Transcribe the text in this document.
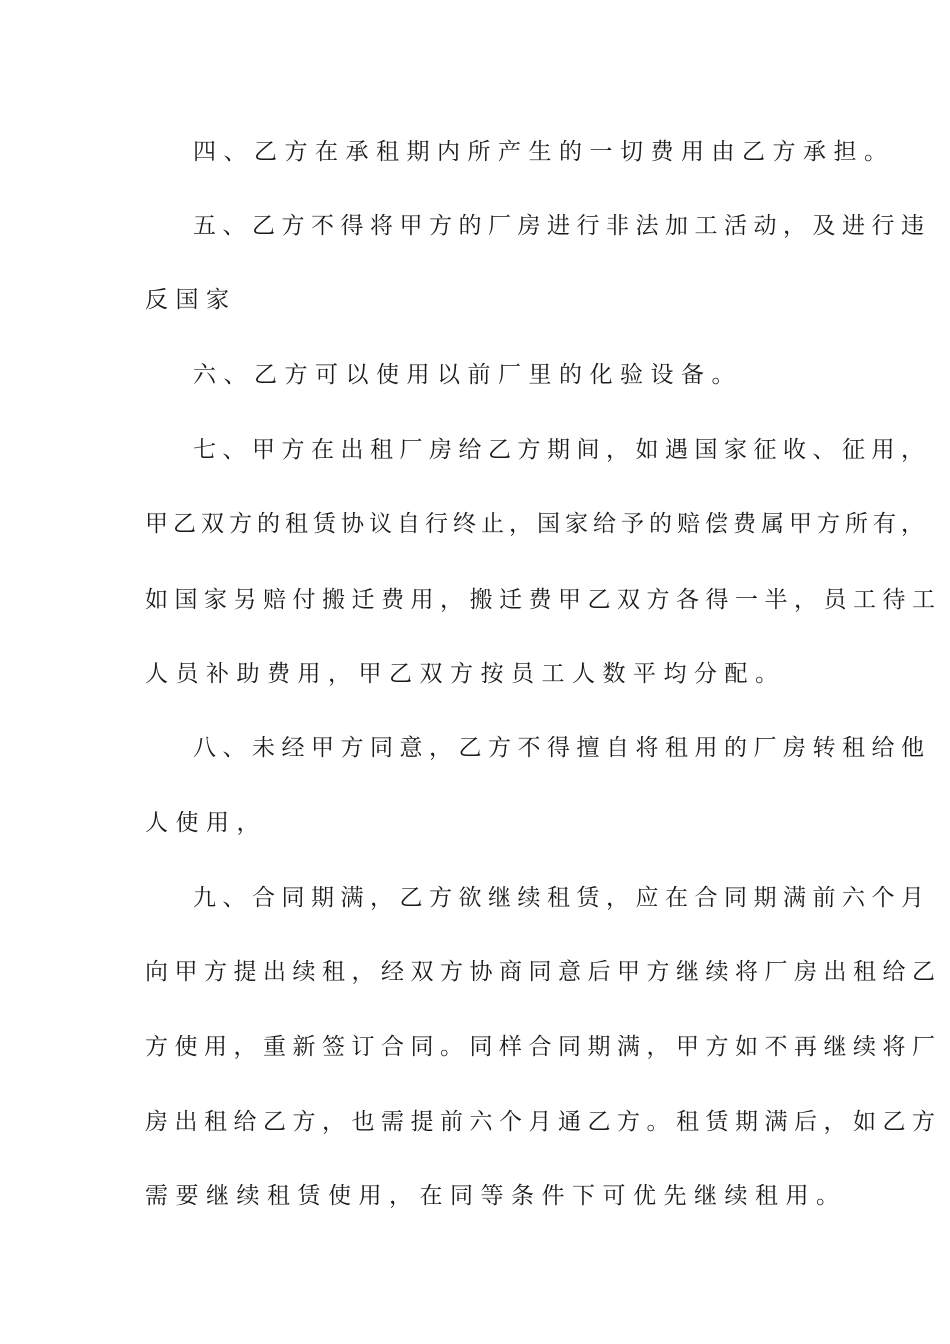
四、乙方在承租期内所产生的一切费用由乙方承担。
五、乙方不得将甲方的厂房进行非法加工活动，及进行违
反国家
六、乙方可以使用以前厂里的化验设备。
七、甲方在出租厂房给乙方期间，如遇国家征收、征用，
甲乙双方的租赁协议自行终止，国家给予的赔偿费属甲方所有，
如国家另赔付搬迁费用，搬迁费甲乙双方各得一半，员工待工
人员补助费用，甲乙双方按员工人数平均分配。
八、未经甲方同意，乙方不得擅自将租用的厂房转租给他
人使用，
九、合同期满，乙方欲继续租赁，应在合同期满前六个月
向甲方提出续租，经双方协商同意后甲方继续将厂房出租给乙
方使用，重新签订合同。同样合同期满，甲方如不再继续将厂
房出租给乙方，也需提前六个月通乙方。租赁期满后，如乙方
需要继续租赁使用，在同等条件下可优先继续租用。
